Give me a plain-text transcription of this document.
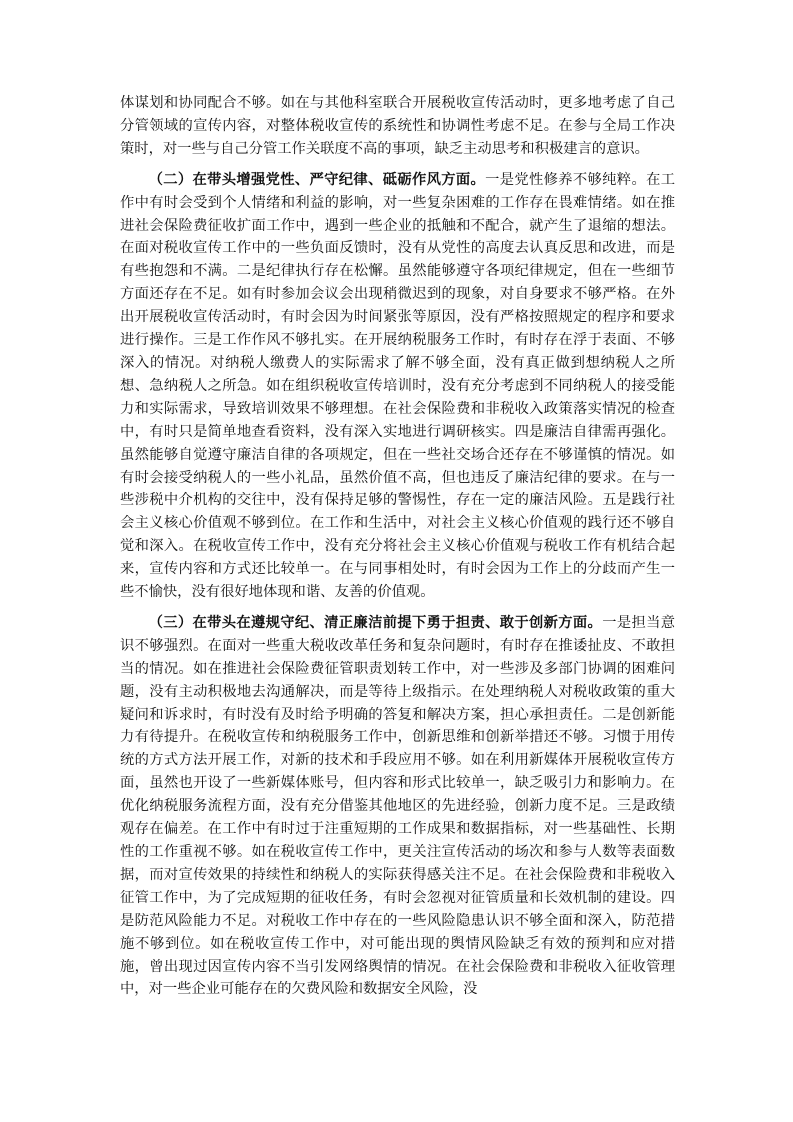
体谋划和协同配合不够。如在与其他科室联合开展税收宣传活动时，更多地考虑了自己分管领域的宣传内容，对整体税收宣传的系统性和协调性考虑不足。在参与全局工作决策时，对一些与自己分管工作关联度不高的事项，缺乏主动思考和积极建言的意识。

（二）在带头增强党性、严守纪律、砥砺作风方面。一是党性修养不够纯粹。在工作中有时会受到个人情绪和利益的影响，对一些复杂困难的工作存在畏难情绪。如在推进社会保险费征收扩面工作中，遇到一些企业的抵触和不配合，就产生了退缩的想法。在面对税收宣传工作中的一些负面反馈时，没有从党性的高度去认真反思和改进，而是有些抱怨和不满。二是纪律执行存在松懈。虽然能够遵守各项纪律规定，但在一些细节方面还存在不足。如有时参加会议会出现稍微迟到的现象，对自身要求不够严格。在外出开展税收宣传活动时，有时会因为时间紧张等原因，没有严格按照规定的程序和要求进行操作。三是工作作风不够扎实。在开展纳税服务工作时，有时存在浮于表面、不够深入的情况。对纳税人缴费人的实际需求了解不够全面，没有真正做到想纳税人之所想、急纳税人之所急。如在组织税收宣传培训时，没有充分考虑到不同纳税人的接受能力和实际需求，导致培训效果不够理想。在社会保险费和非税收入政策落实情况的检查中，有时只是简单地查看资料，没有深入实地进行调研核实。四是廉洁自律需再强化。虽然能够自觉遵守廉洁自律的各项规定，但在一些社交场合还存在不够谨慎的情况。如有时会接受纳税人的一些小礼品，虽然价值不高，但也违反了廉洁纪律的要求。在与一些涉税中介机构的交往中，没有保持足够的警惕性，存在一定的廉洁风险。五是践行社会主义核心价值观不够到位。在工作和生活中，对社会主义核心价值观的践行还不够自觉和深入。在税收宣传工作中，没有充分将社会主义核心价值观与税收工作有机结合起来，宣传内容和方式还比较单一。在与同事相处时，有时会因为工作上的分歧而产生一些不愉快，没有很好地体现和谐、友善的价值观。

（三）在带头在遵规守纪、清正廉洁前提下勇于担责、敢于创新方面。一是担当意识不够强烈。在面对一些重大税收改革任务和复杂问题时，有时存在推诿扯皮、不敢担当的情况。如在推进社会保险费征管职责划转工作中，对一些涉及多部门协调的困难问题，没有主动积极地去沟通解决，而是等待上级指示。在处理纳税人对税收政策的重大疑问和诉求时，有时没有及时给予明确的答复和解决方案，担心承担责任。二是创新能力有待提升。在税收宣传和纳税服务工作中，创新思维和创新举措还不够。习惯于用传统的方式方法开展工作，对新的技术和手段应用不够。如在利用新媒体开展税收宣传方面，虽然也开设了一些新媒体账号，但内容和形式比较单一，缺乏吸引力和影响力。在优化纳税服务流程方面，没有充分借鉴其他地区的先进经验，创新力度不足。三是政绩观存在偏差。在工作中有时过于注重短期的工作成果和数据指标，对一些基础性、长期性的工作重视不够。如在税收宣传工作中，更关注宣传活动的场次和参与人数等表面数据，而对宣传效果的持续性和纳税人的实际获得感关注不足。在社会保险费和非税收入征管工作中，为了完成短期的征收任务，有时会忽视对征管质量和长效机制的建设。四是防范风险能力不足。对税收工作中存在的一些风险隐患认识不够全面和深入，防范措施不够到位。如在税收宣传工作中，对可能出现的舆情风险缺乏有效的预判和应对措施，曾出现过因宣传内容不当引发网络舆情的情况。在社会保险费和非税收入征收管理中，对一些企业可能存在的欠费风险和数据安全风险，没
